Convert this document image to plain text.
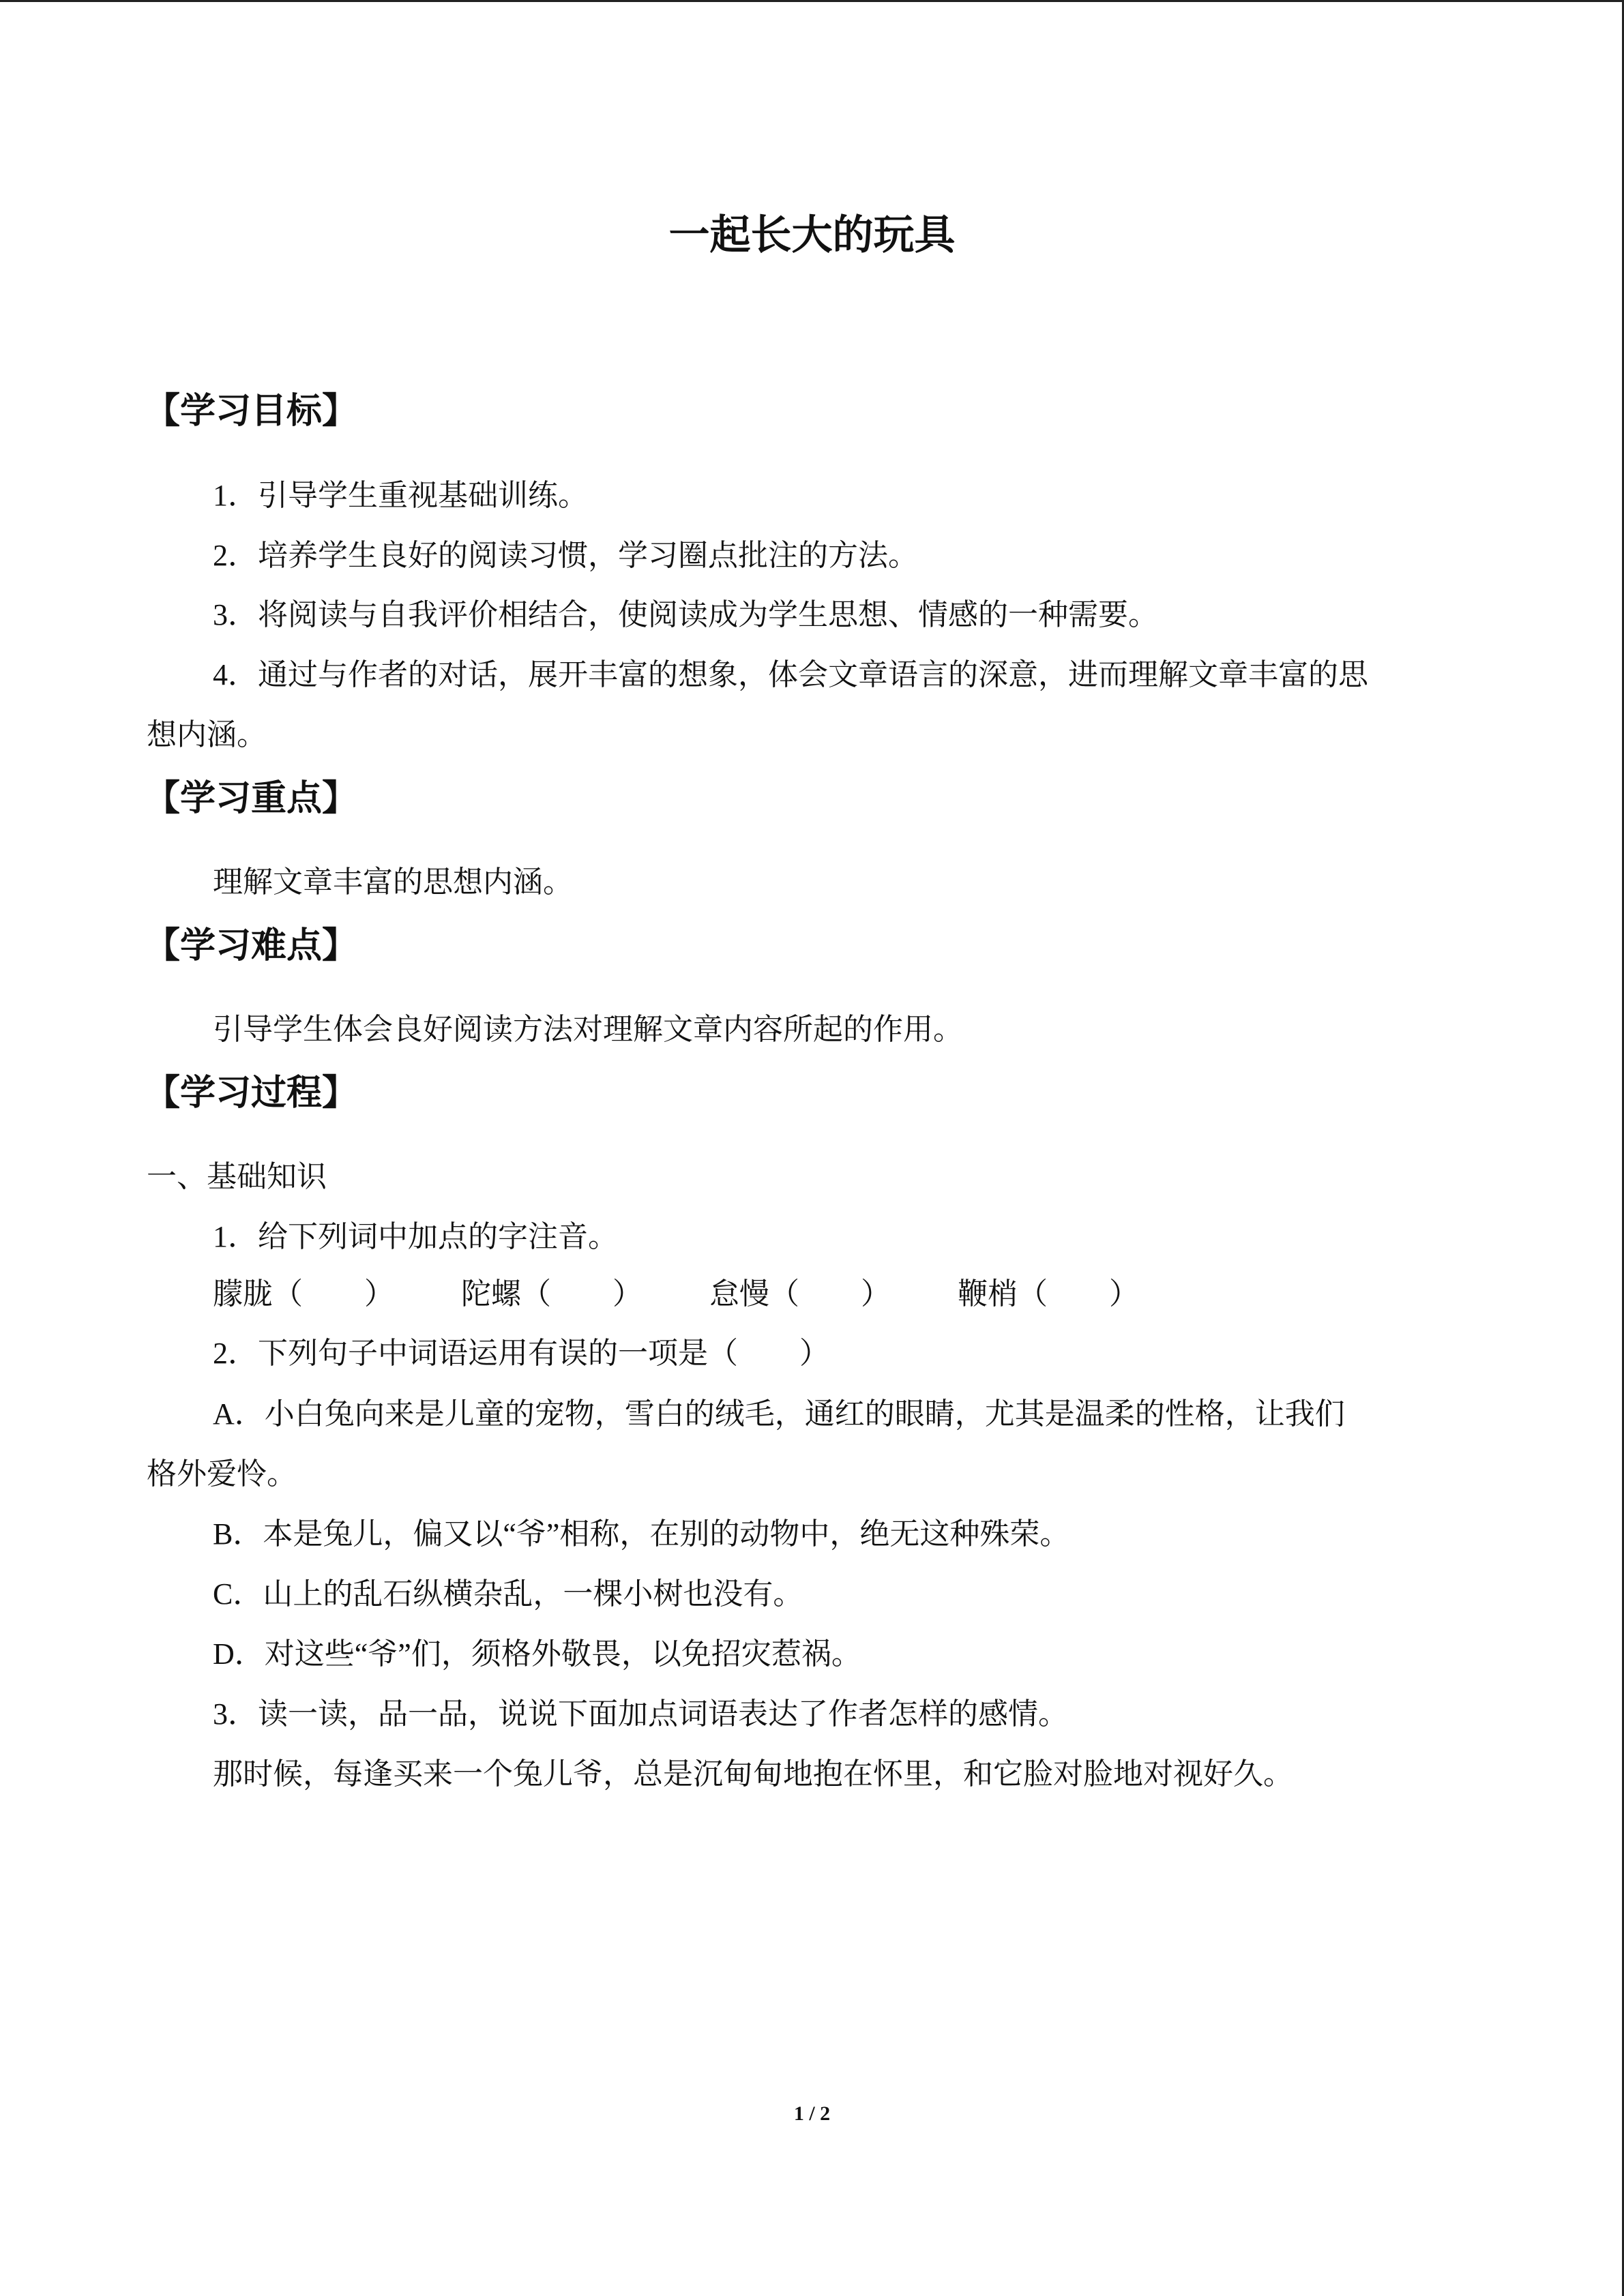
一起长大的玩具
【学习目标】
1．引导学生重视基础训练。
2．培养学生良好的阅读习惯，学习圈点批注的方法。
3．将阅读与自我评价相结合，使阅读成为学生思想、情感的一种需要。
4．通过与作者的对话，展开丰富的想象，体会文章语言的深意，进而理解文章丰富的思
想内涵。
【学习重点】
理解文章丰富的思想内涵。
【学习难点】
引导学生体会良好阅读方法对理解文章内容所起的作用。
【学习过程】
一、基础知识
1．给下列词中加点的字注音。
朦胧（ ） 陀螺（ ） 怠慢（ ） 鞭梢（ ）
2．下列句子中词语运用有误的一项是（ ）
A．小白兔向来是儿童的宠物，雪白的绒毛，通红的眼睛，尤其是温柔的性格，让我们
格外爱怜。
B．本是兔儿，偏又以“爷”相称，在别的动物中，绝无这种殊荣。
C．山上的乱石纵横杂乱，一棵小树也没有。
D．对这些“爷”们，须格外敬畏，以免招灾惹祸。
3．读一读，品一品，说说下面加点词语表达了作者怎样的感情。
那时候，每逢买来一个兔儿爷，总是沉甸甸地抱在怀里，和它脸对脸地对视好久。
1 / 2
